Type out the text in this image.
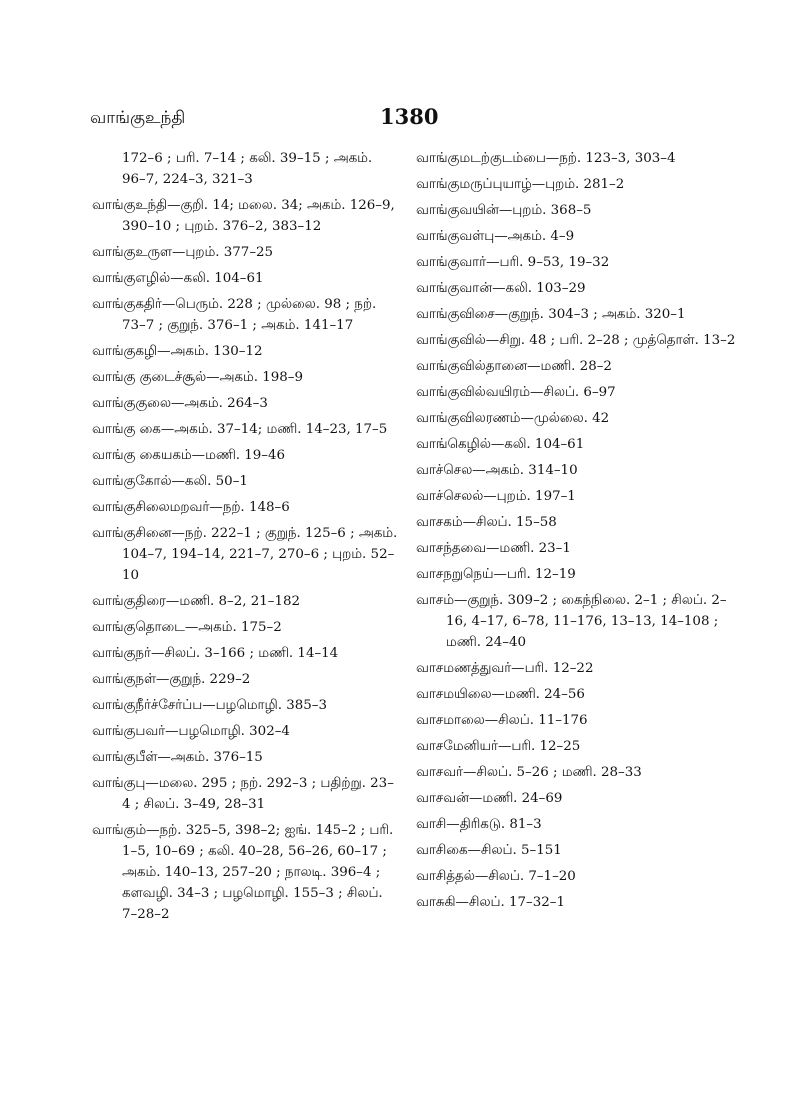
வாங்குஉந்தி	1380

172–6 ; பரி. 7–14 ; கலி. 39–15 ; அகம். 96–7, 224–3, 321–3

வாங்குஉந்தி—குறி. 14; மலை. 34; அகம். 126–9, 390–10 ; புறம். 376–2, 383–12

வாங்குஉருள—புறம். 377–25

வாங்குஎழில்—கலி. 104–61

வாங்குகதிர்—பெரும். 228 ; முல்லை. 98 ; நற். 73–7 ; குறுந். 376–1 ; அகம். 141–17

வாங்குகழி—அகம். 130–12

வாங்கு குடைச்சூல்—அகம். 198–9

வாங்குகுலை—அகம். 264–3

வாங்கு கை—அகம். 37–14; மணி. 14–23, 17–5

வாங்கு கையகம்—மணி. 19–46

வாங்குகோல்—கலி. 50–1

வாங்குசிலைமறவர்—நற். 148–6

வாங்குசினை—நற். 222–1 ; குறுந். 125–6 ; அகம். 104–7, 194–14, 221–7, 270–6 ; புறம். 52–10

வாங்குதிரை—மணி. 8–2, 21–182

வாங்குதொடை—அகம். 175–2

வாங்குநர்—சிலப். 3–166 ; மணி. 14–14

வாங்குநள்—குறுந். 229–2

வாங்குநீர்ச்சேர்ப்ப—பழமொழி. 385–3

வாங்குபவர்—பழமொழி. 302–4

வாங்குபீள்—அகம். 376–15

வாங்குபு—மலை. 295 ; நற். 292–3 ; பதிற்று. 23–4 ; சிலப். 3–49, 28–31

வாங்கும்—நற். 325–5, 398–2; ஐங். 145–2 ; பரி. 1–5, 10–69 ; கலி. 40–28, 56–26, 60–17 ; அகம். 140–13, 257–20 ; நாலடி. 396–4 ; களவழி. 34–3 ; பழமொழி. 155–3 ; சிலப். 7–28–2

வாங்குமடற்குடம்பை—நற். 123–3, 303–4

வாங்குமருப்புயாழ்—புறம். 281–2

வாங்குவயின்—புறம். 368–5

வாங்குவள்பு—அகம். 4–9

வாங்குவார்—பரி. 9–53, 19–32

வாங்குவான்—கலி. 103–29

வாங்குவிசை—குறுந். 304–3 ; அகம். 320–1

வாங்குவில்—சிறு. 48 ; பரி. 2–28 ; முத்தொள். 13–2

வாங்குவில்தானை—மணி. 28–2

வாங்குவில்வயிரம்—சிலப். 6–97

வாங்குவிலரணம்—முல்லை. 42

வாங்கெழில்—கலி. 104–61

வாச்செல—அகம். 314–10

வாச்செலல்—புறம். 197–1

வாசகம்—சிலப். 15–58

வாசந்தவை—மணி. 23–1

வாசநறுநெய்—பரி. 12–19

வாசம்—குறுந். 309–2 ; கைந்நிலை. 2–1 ; சிலப். 2–16, 4–17, 6–78, 11–176, 13–13, 14–108 ; மணி. 24–40

வாசமணத்துவர்—பரி. 12–22

வாசமயிலை—மணி. 24–56

வாசமாலை—சிலப். 11–176

வாசமேனியர்—பரி. 12–25

வாசவர்—சிலப். 5–26 ; மணி. 28–33

வாசவன்—மணி. 24–69

வாசி—திரிகடு. 81–3

வாசிகை—சிலப். 5–151

வாசித்தல்—சிலப். 7–1–20

வாசுகி—சிலப். 17–32–1
